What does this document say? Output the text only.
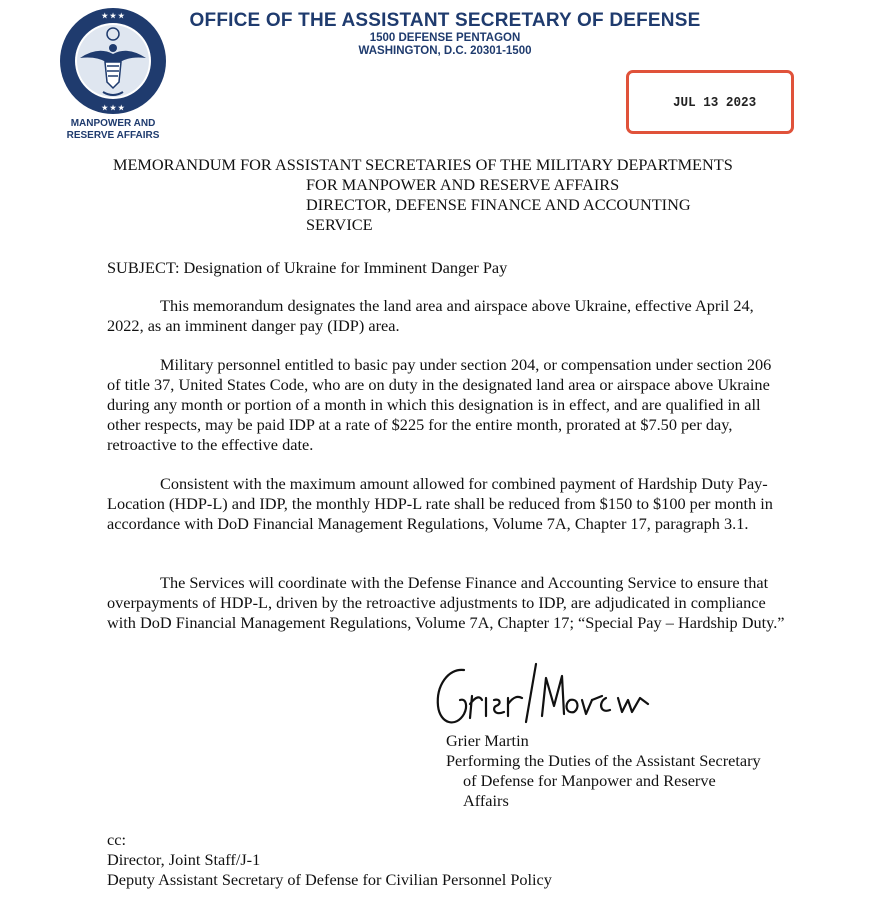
★ ★ ★
★ ★ ★
MANPOWER AND
RESERVE AFFAIRS
OFFICE OF THE ASSISTANT SECRETARY OF DEFENSE
1500 DEFENSE PENTAGON
WASHINGTON, D.C. 20301-1500
JUL 13 2023
MEMORANDUM FOR ASSISTANT SECRETARIES OF THE MILITARY DEPARTMENTS
FOR MANPOWER AND RESERVE AFFAIRS
DIRECTOR, DEFENSE FINANCE AND ACCOUNTING
SERVICE
SUBJECT: Designation of Ukraine for Imminent Danger Pay
This memorandum designates the land area and airspace above Ukraine, effective April 24, 2022, as an imminent danger pay (IDP) area.
Military personnel entitled to basic pay under section 204, or compensation under section 206 of title 37, United States Code, who are on duty in the designated land area or airspace above Ukraine during any month or portion of a month in which this designation is in effect, and are qualified in all other respects, may be paid IDP at a rate of $225 for the entire month, prorated at $7.50 per day, retroactive to the effective date.
Consistent with the maximum amount allowed for combined payment of Hardship Duty Pay-Location (HDP-L) and IDP, the monthly HDP-L rate shall be reduced from $150 to $100 per month in accordance with DoD Financial Management Regulations, Volume 7A, Chapter 17, paragraph 3.1.
The Services will coordinate with the Defense Finance and Accounting Service to ensure that overpayments of HDP-L, driven by the retroactive adjustments to IDP, are adjudicated in compliance with DoD Financial Management Regulations, Volume 7A, Chapter 17; “Special Pay – Hardship Duty.”
Grier Martin
Performing the Duties of the Assistant Secretary
of Defense for Manpower and Reserve
Affairs
cc:
Director, Joint Staff/J-1
Deputy Assistant Secretary of Defense for Civilian Personnel Policy
